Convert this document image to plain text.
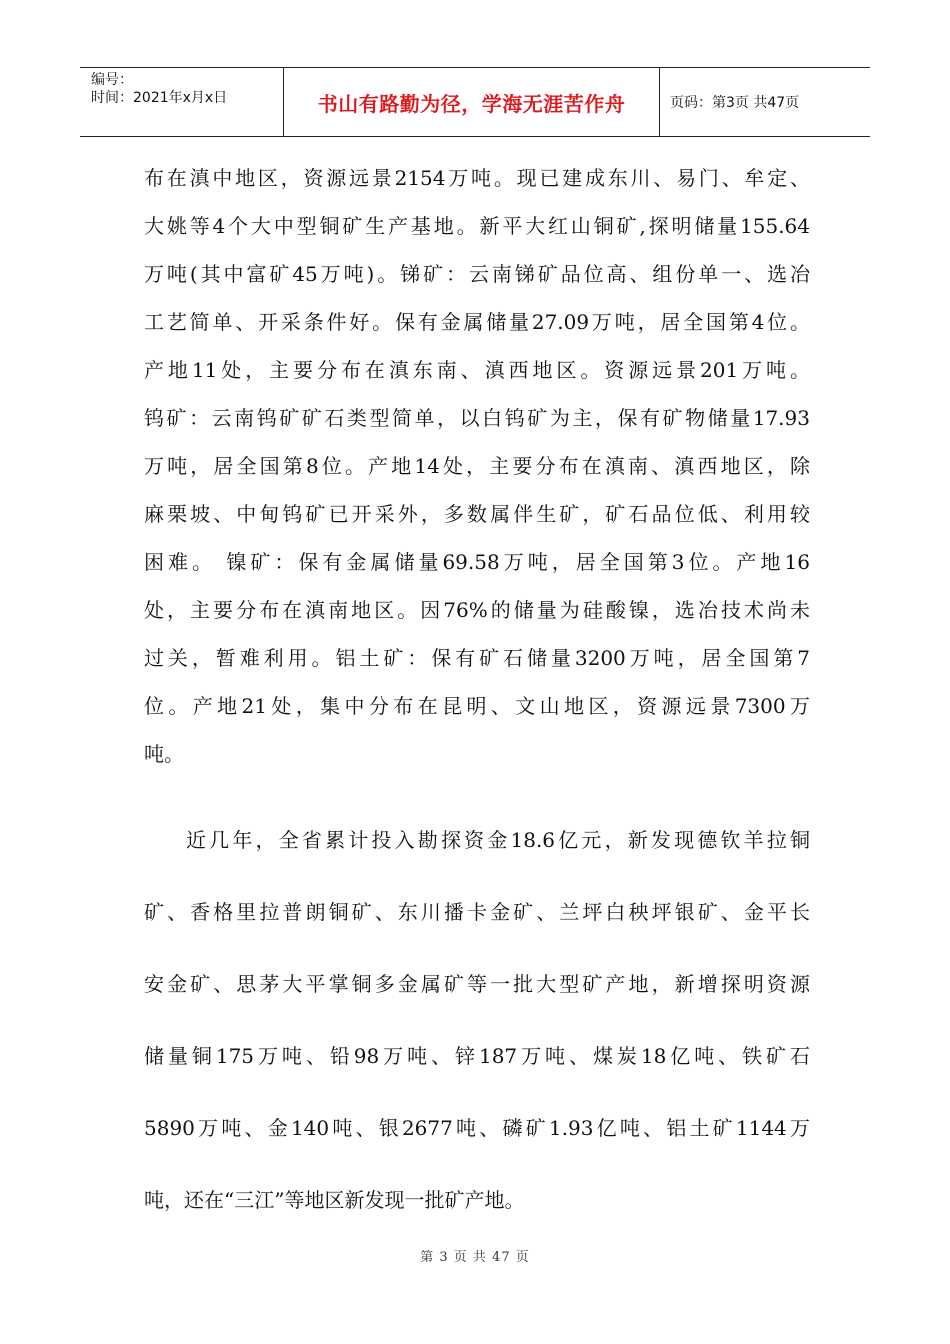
编号：
时间：2021年x月x日	书山有路勤为径，学海无涯苦作舟	页码：第3页 共47页

布在滇中地区，资源远景2154万吨。现已建成东川、易门、牟定、

大姚等4个大中型铜矿生产基地。新平大红山铜矿,探明储量155.64

万吨(其中富矿45万吨)。锑矿：云南锑矿品位高、组份单一、选冶

工艺简单、开采条件好。保有金属储量27.09万吨，居全国第4位。

产地11处，主要分布在滇东南、滇西地区。资源远景201万吨。

钨矿：云南钨矿矿石类型简单，以白钨矿为主，保有矿物储量17.93

万吨，居全国第8位。产地14处，主要分布在滇南、滇西地区，除

麻栗坡、中甸钨矿已开采外，多数属伴生矿，矿石品位低、利用较

困难。 镍矿：保有金属储量69.58万吨，居全国第3位。产地16

处，主要分布在滇南地区。因76%的储量为硅酸镍，选冶技术尚未

过关，暂难利用。铝土矿：保有矿石储量3200万吨，居全国第7

位。产地21处，集中分布在昆明、文山地区，资源远景7300万

吨。

近几年，全省累计投入勘探资金18.6亿元，新发现德钦羊拉铜

矿、香格里拉普朗铜矿、东川播卡金矿、兰坪白秧坪银矿、金平长

安金矿、思茅大平掌铜多金属矿等一批大型矿产地，新增探明资源

储量铜175万吨、铅98万吨、锌187万吨、煤炭18亿吨、铁矿石

5890万吨、金140吨、银2677吨、磷矿1.93亿吨、铝土矿1144万

吨，还在“三江”等地区新发现一批矿产地。

第 3 页 共 47 页
